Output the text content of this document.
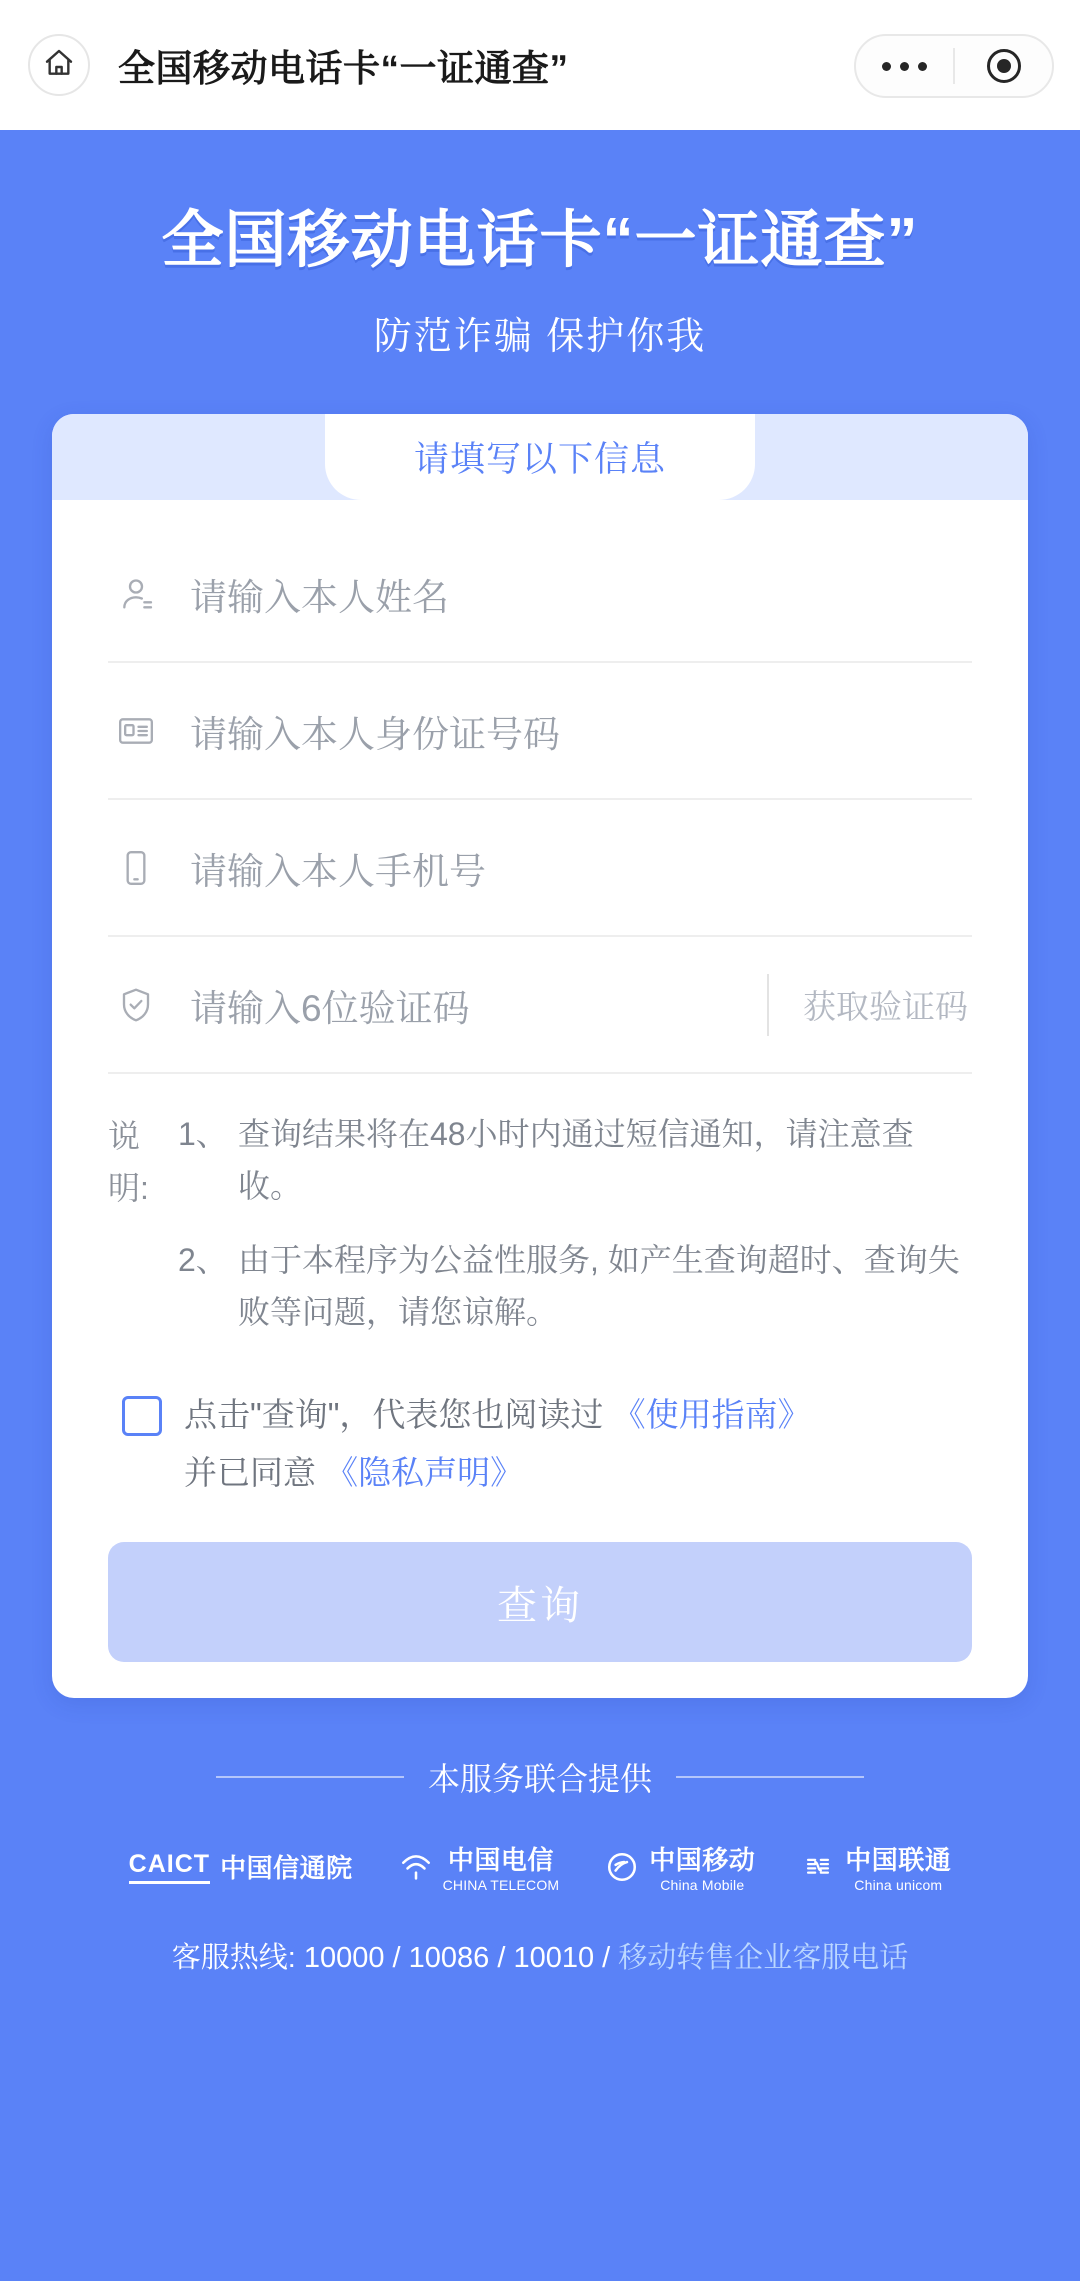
全国移动电话卡“一证通查”
全国移动电话卡“一证通查”
防范诈骗 保护你我
请填写以下信息
请输入本人姓名
请输入本人身份证号码
请输入本人手机号
请输入6位验证码	获取验证码
说明:
1、 查询结果将在48小时内通过短信通知，请注意查收。
2、 由于本程序为公益性服务, 如产生查询超时、查询失败等问题，请您谅解。
点击"查询"，代表您也阅读过 《使用指南》
并已同意 《隐私声明》
查询
本服务联合提供
CAICT 中国信通院	中国电信
CHINA TELECOM
中国移动
China Mobile
中国联通
China unicom
客服热线: 10000 / 10086 / 10010 / 移动转售企业客服电话
